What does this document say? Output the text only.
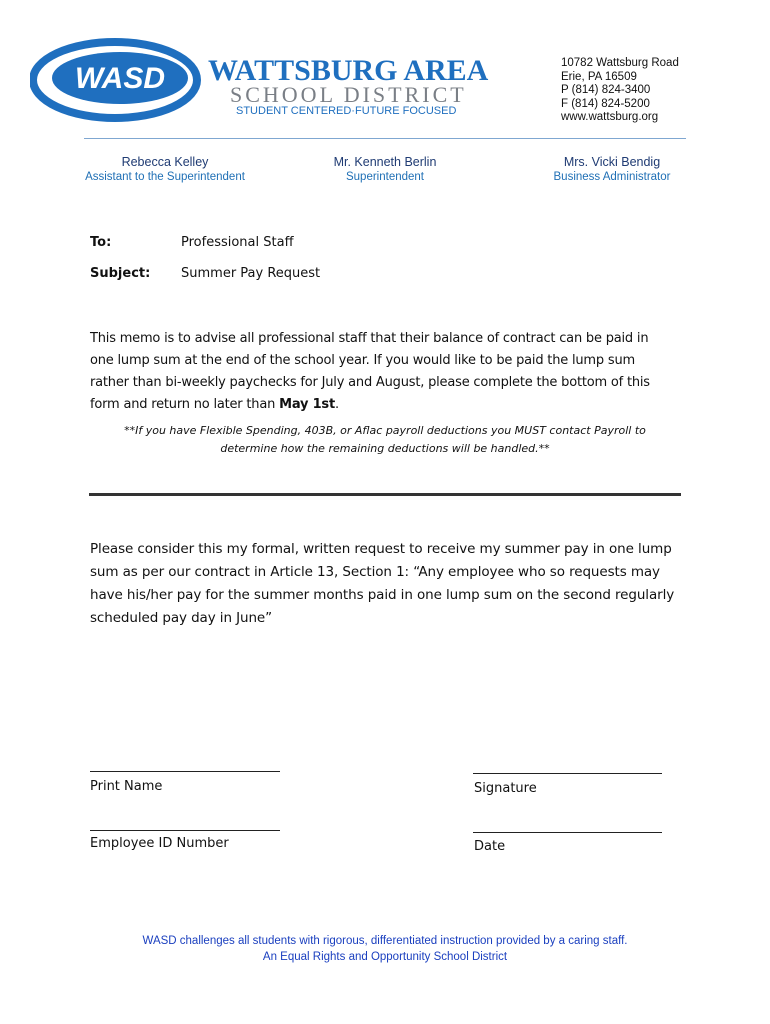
WASD WATTSBURG AREA
SCHOOL DISTRICT
STUDENT CENTERED·FUTURE FOCUSED
10782 Wattsburg Road
Erie, PA 16509
P (814) 824-3400
F (814) 824-5200
www.wattsburg.org
Rebecca Kelley
Assistant to the Superintendent
Mr. Kenneth Berlin
Superintendent
Mrs. Vicki Bendig
Business Administrator
To:	Professional Staff
Subject: Summer Pay Request
This memo is to advise all professional staff that their balance of contract can be paid in one lump sum at the end of the school year. If you would like to be paid the lump sum rather than bi-weekly paychecks for July and August, please complete the bottom of this form and return no later than May 1st.
**If you have Flexible Spending, 403B, or Aflac payroll deductions you MUST contact Payroll to determine how the remaining deductions will be handled.**
Please consider this my formal, written request to receive my summer pay in one lump sum as per our contract in Article 13, Section 1: “Any employee who so requests may have his/her pay for the summer months paid in one lump sum on the second regularly scheduled pay day in June”
Print Name	Signature
Employee ID Number	Date
WASD challenges all students with rigorous, differentiated instruction provided by a caring staff.
An Equal Rights and Opportunity School District
